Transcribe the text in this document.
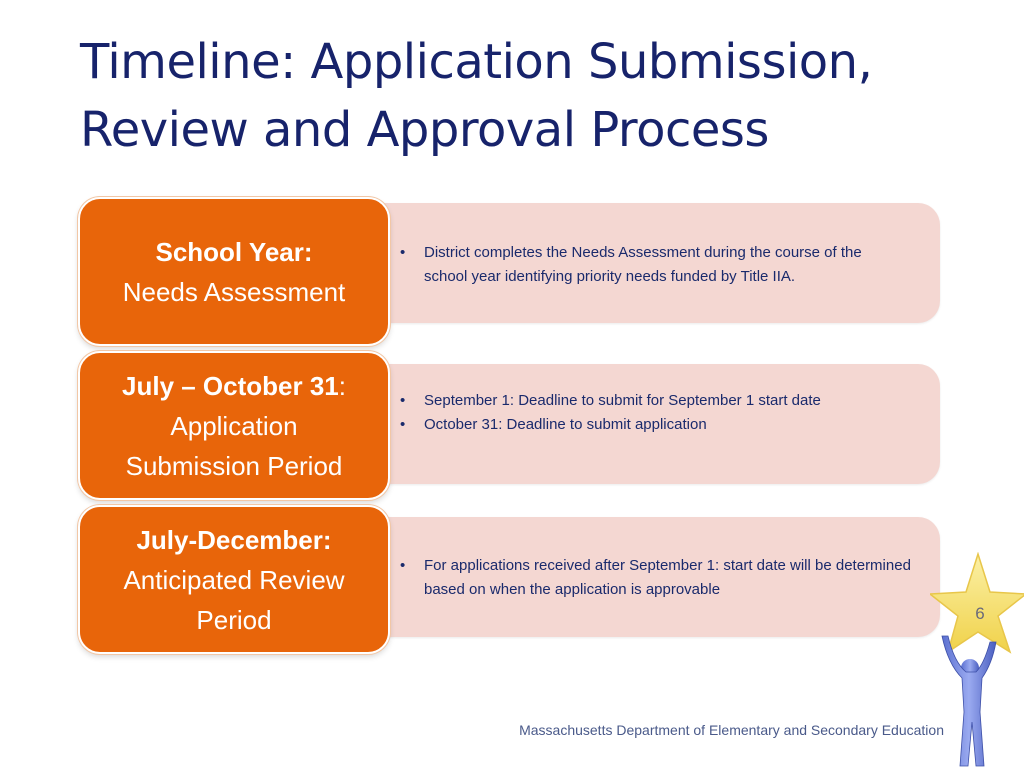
Timeline: Application Submission,
Review and Approval Process
• District completes the Needs Assessment during the course of the school year identifying priority needs funded by Title IIA.
School Year:
Needs Assessment
• September 1: Deadline to submit for September 1 start date
• October 31: Deadline to submit application
July – October 31:
Application
Submission Period
• For applications received after September 1: start date will be determined based on when the application is approvable
July-December:
Anticipated Review
Period	6
Massachusetts Department of Elementary and Secondary Education
